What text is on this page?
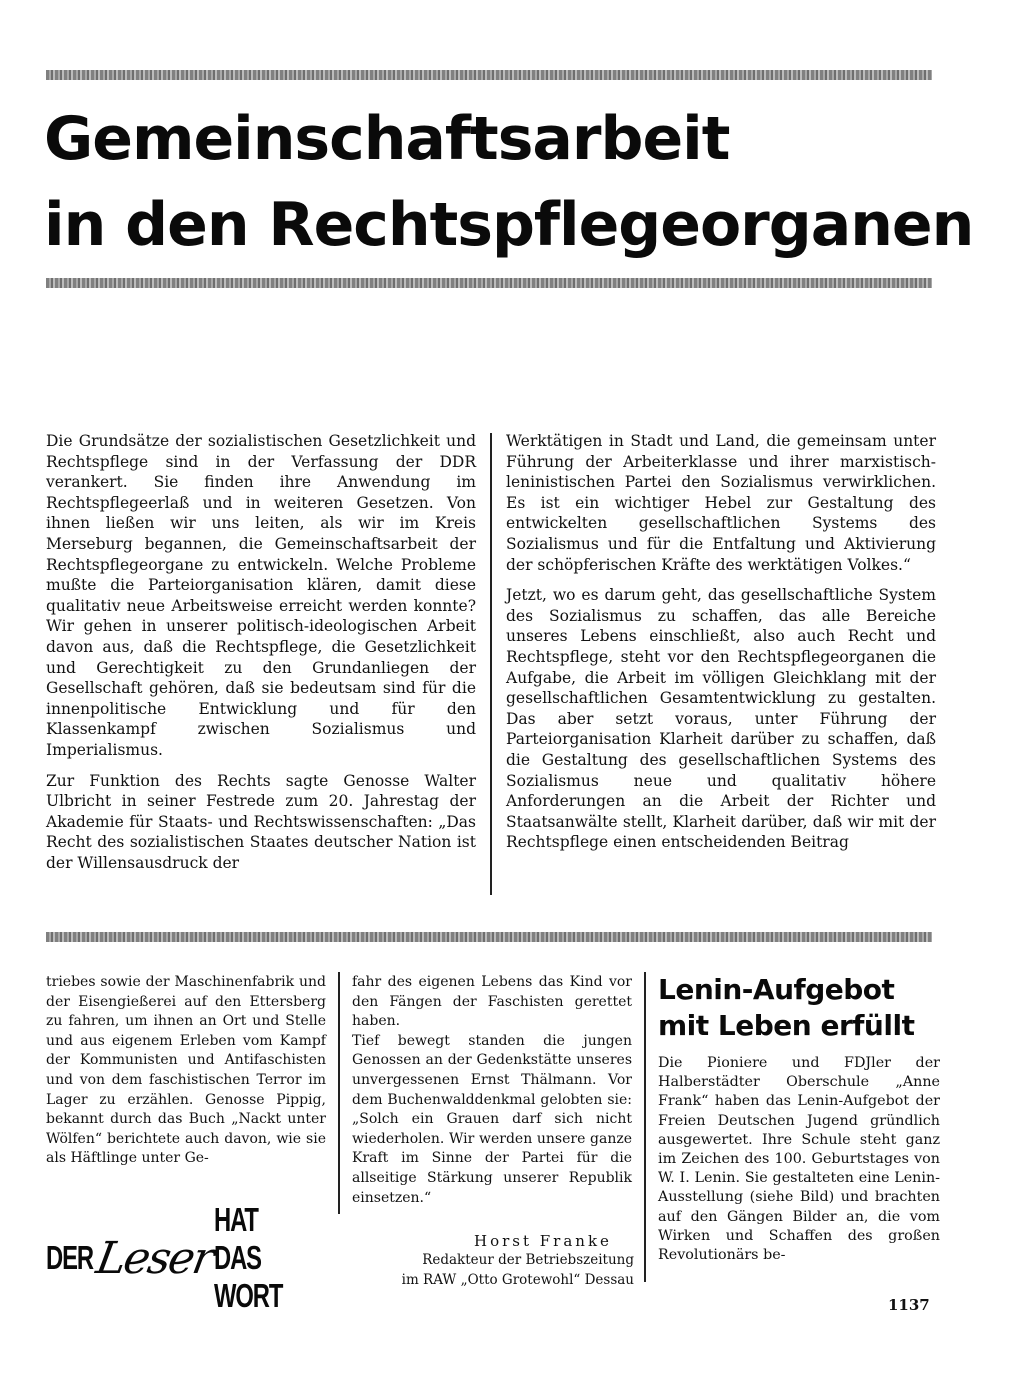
Gemeinschaftsarbeit
in den Rechtspflegeorganen

Die Grundsätze der sozialistischen Gesetzlichkeit und Rechtspflege sind in der Verfassung der DDR verankert. Sie finden ihre Anwendung im Rechtspflegeerlaß und in weiteren Gesetzen. Von ihnen ließen wir uns leiten, als wir im Kreis Merseburg begannen, die Gemeinschaftsarbeit der Rechtspflegeorgane zu entwickeln. Welche Probleme mußte die Parteiorganisation klären, damit diese qualitativ neue Arbeitsweise erreicht werden konnte? Wir gehen in unserer politisch-ideologischen Arbeit davon aus, daß die Rechtspflege, die Gesetzlichkeit und Gerechtigkeit zu den Grundanliegen der Gesellschaft gehören, daß sie bedeutsam sind für die innenpolitische Entwicklung und für den Klassenkampf zwischen Sozialismus und Imperialismus.

Zur Funktion des Rechts sagte Genosse Walter Ulbricht in seiner Festrede zum 20. Jahrestag der Akademie für Staats- und Rechtswissenschaften: „Das Recht des sozialistischen Staates deutscher Nation ist der Willensausdruck der

Werktätigen in Stadt und Land, die gemeinsam unter Führung der Arbeiterklasse und ihrer marxistisch-leninistischen Partei den Sozialismus verwirklichen. Es ist ein wichtiger Hebel zur Gestaltung des entwickelten gesellschaftlichen Systems des Sozialismus und für die Entfaltung und Aktivierung der schöpferischen Kräfte des werktätigen Volkes.“

Jetzt, wo es darum geht, das gesellschaftliche System des Sozialismus zu schaffen, das alle Bereiche unseres Lebens einschließt, also auch Recht und Rechtspflege, steht vor den Rechtspflegeorganen die Aufgabe, die Arbeit im völligen Gleichklang mit der gesellschaftlichen Gesamtentwicklung zu gestalten. Das aber setzt voraus, unter Führung der Parteiorganisation Klarheit darüber zu schaffen, daß die Gestaltung des gesellschaftlichen Systems des Sozialismus neue und qualitativ höhere Anforderungen an die Arbeit der Richter und Staatsanwälte stellt, Klarheit darüber, daß wir mit der Rechtspflege einen entscheidenden Beitrag

triebes sowie der Maschinenfabrik und der Eisengießerei auf den Ettersberg zu fahren, um ihnen an Ort und Stelle und aus eigenem Erleben vom Kampf der Kommunisten und Antifaschisten und von dem faschistischen Terror im Lager zu erzählen. Genosse Pippig, bekannt durch das Buch „Nackt unter Wölfen“ berichtete auch davon, wie sie als Häftlinge unter Ge-

fahr des eigenen Lebens das Kind vor den Fängen der Faschisten gerettet haben.

Tief bewegt standen die jungen Genossen an der Gedenkstätte unseres unvergessenen Ernst Thälmann. Vor dem Buchenwalddenkmal gelobten sie: „Solch ein Grauen darf sich nicht wiederholen. Wir werden unsere ganze Kraft im Sinne der Partei für die allseitige Stärkung unserer Republik einsetzen.“

Horst Franke
Redakteur der Betriebszeitung
im RAW „Otto Grotewohl“ Dessau
DER Leser
HAT DAS WORT
Lenin-Aufgebot
mit Leben erfüllt

Die Pioniere und FDJler der Halberstädter Oberschule „Anne Frank“ haben das Lenin-Aufgebot der Freien Deutschen Jugend gründlich ausgewertet. Ihre Schule steht ganz im Zeichen des 100. Geburtstages von W. I. Lenin. Sie gestalteten eine Lenin-Ausstellung (siehe Bild) und brachten auf den Gängen Bilder an, die vom Wirken und Schaffen des großen Revolutionärs be-

1137
